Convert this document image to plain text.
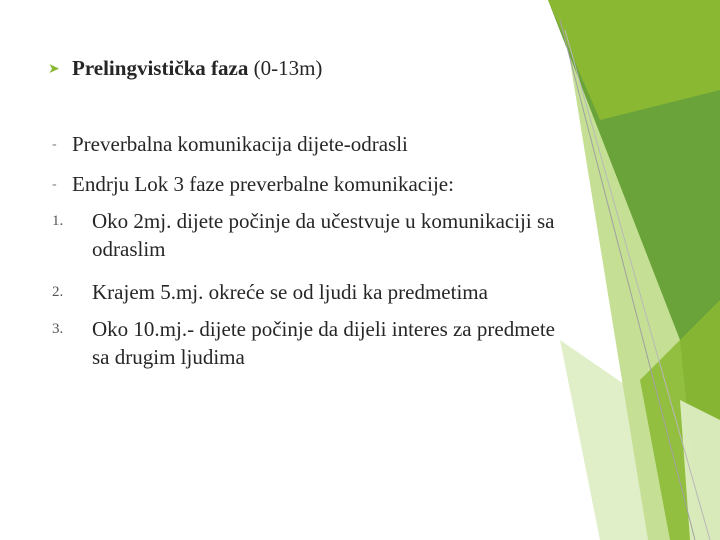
➤ Prelingvistička faza (0-13m)
- Preverbalna komunikacija dijete-odrasli
- Endrju Lok 3 faze preverbalne komunikacije:
1. Oko 2mj. dijete počinje da učestvuje u komunikaciji sa odraslim
2. Krajem 5.mj. okreće se od ljudi ka predmetima
3. Oko 10.mj.- dijete počinje da dijeli interes za predmete sa drugim ljudima
